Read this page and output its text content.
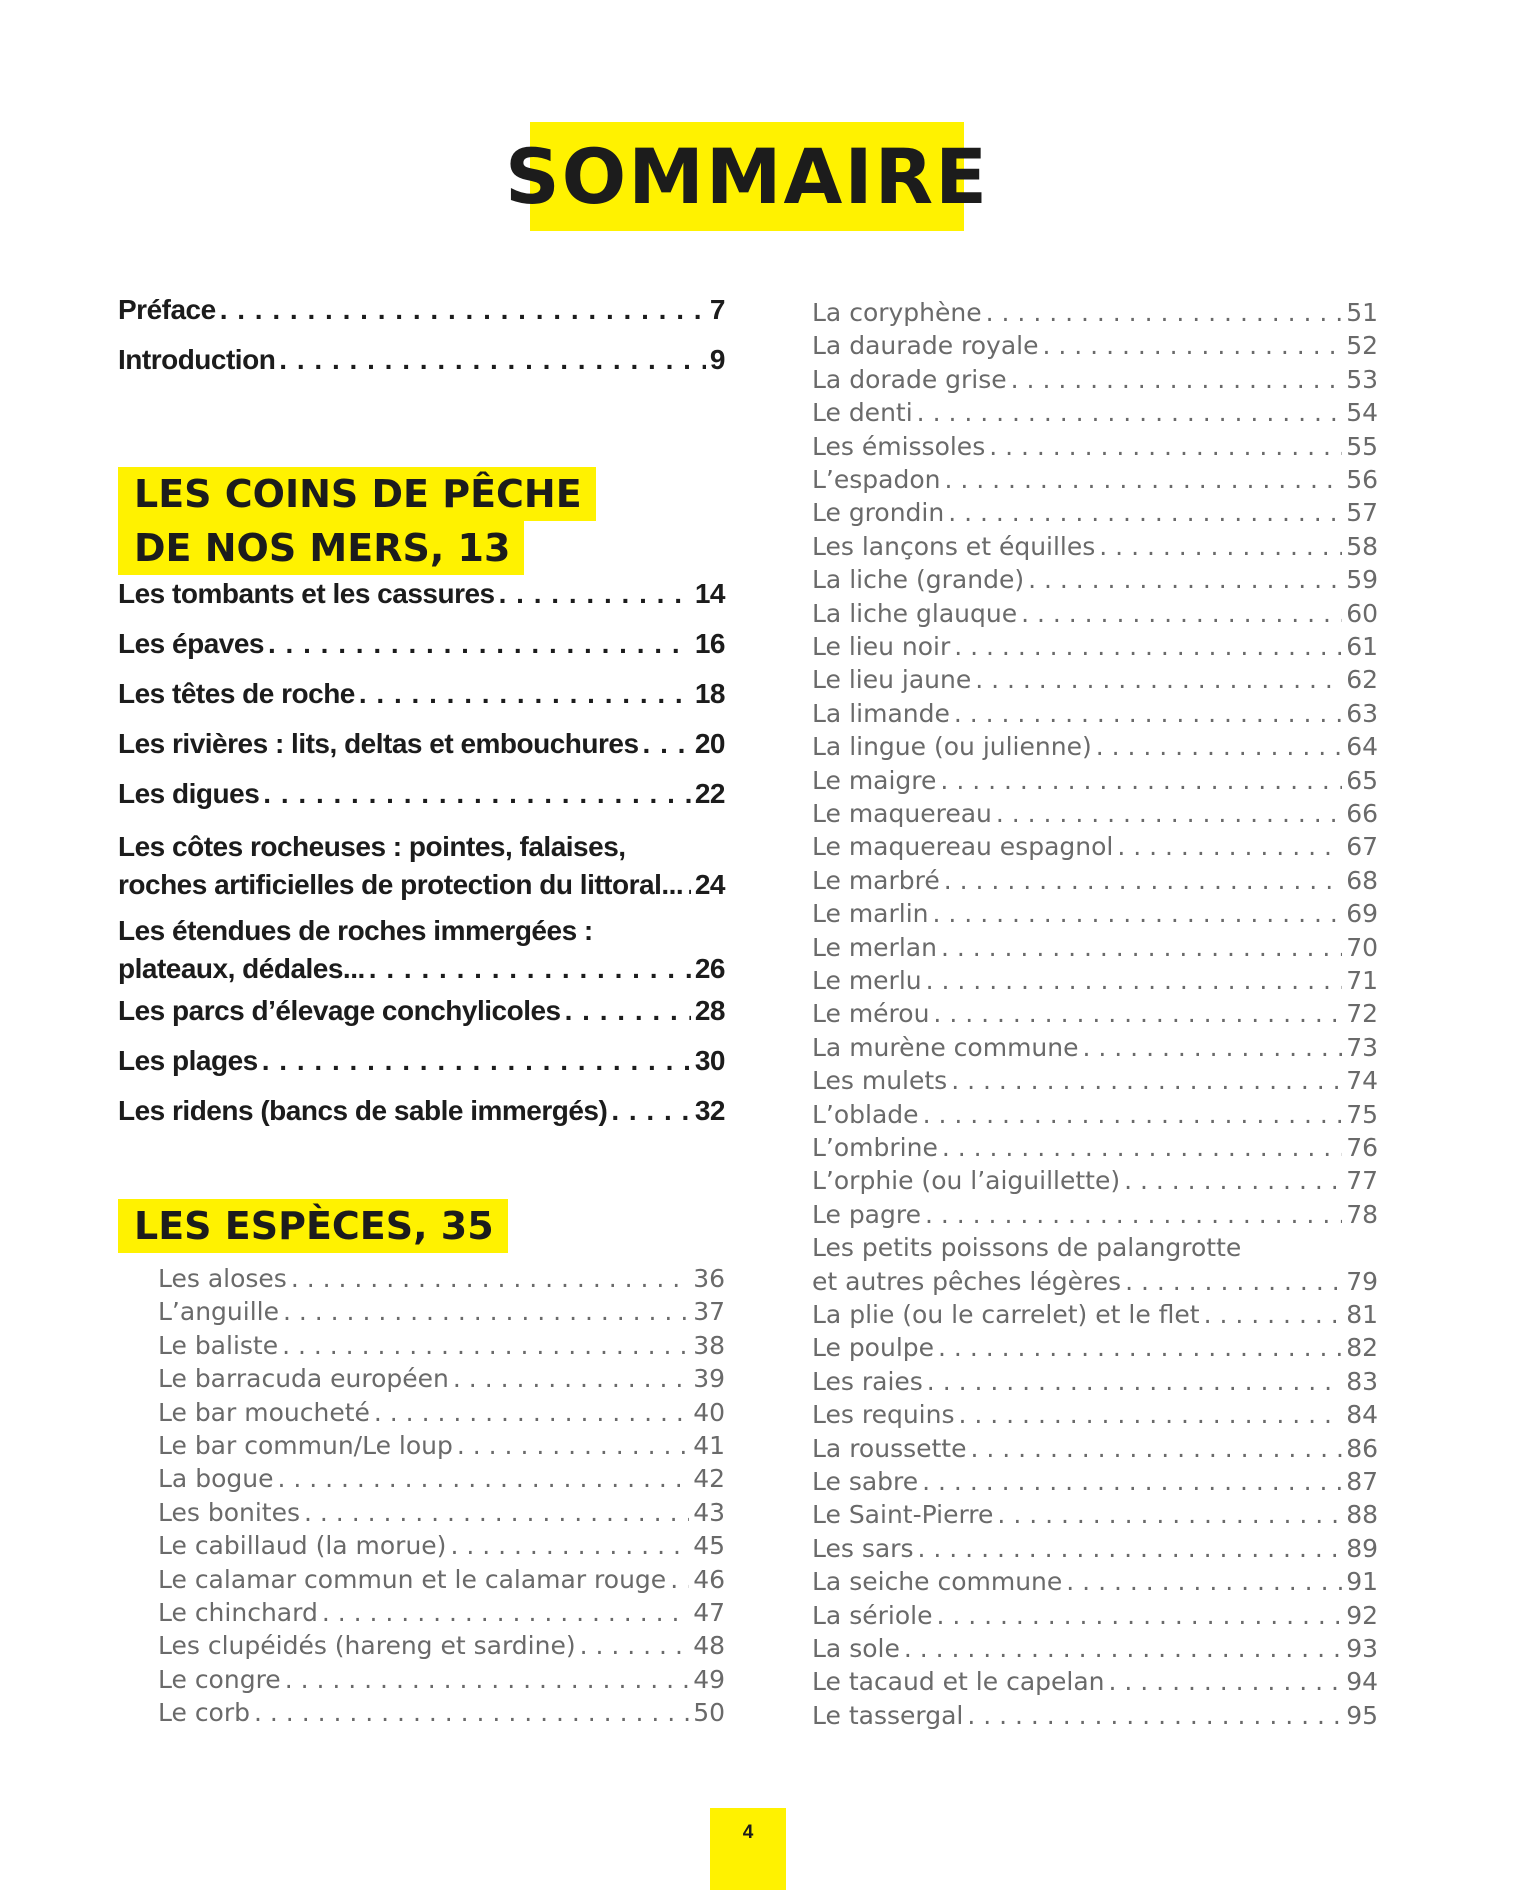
SOMMAIRE
Préface . . .	7
Introduction . . .	9
LES COINS DE PÊCHE
DE NOS MERS, 13
Les tombants et les cassures . . .	14
Les épaves . . .	16
Les têtes de roche . . .	18
Les rivières : lits, deltas et embouchures . . . 20
Les digues . . .	22
Les côtes rocheuses : pointes, falaises,
roches artificielles de protection du littoral... . . . 24
Les étendues de roches immergées :
plateaux, dédales... . . .	26
Les parcs d’élevage conchylicoles . . .	28
Les plages . . .	30
Les ridens (bancs de sable immergés) . . .	32
LES ESPÈCES, 35
Les aloses . . .	36
L’anguille . . .	37
Le baliste . . .	38
Le barracuda européen . . .	39
Le bar moucheté . . .	40
Le bar commun/Le loup . . .	41
La bogue . . .	42
Les bonites . . .	43
Le cabillaud (la morue) . . .	45
Le calamar commun et le calamar rouge . . . 46
Le chinchard . . .	47
Les clupéidés (hareng et sardine) . . .	48
Le congre . . .	49
Le corb . . .	50
La coryphène . . .	51
La daurade royale . . .	52
La dorade grise . . .	53
Le denti . . .	54
Les émissoles . . .	55
L’espadon . . .	56
Le grondin . . .	57
Les lançons et équilles . . .	58
La liche (grande) . . .	59
La liche glauque . . .	60
Le lieu noir . . .	61
Le lieu jaune . . .	62
La limande . . .	63
La lingue (ou julienne) . . .	64
Le maigre . . .	65
Le maquereau . . .	66
Le maquereau espagnol . . .	67
Le marbré . . .	68
Le marlin . . .	69
Le merlan . . .	70
Le merlu . . .	71
Le mérou . . .	72
La murène commune . . .	73
Les mulets . . .	74
L’oblade . . .	75
L’ombrine . . .	76
L’orphie (ou l’aiguillette) . . .	77
Le pagre . . .	78
Les petits poissons de palangrotte
et autres pêches légères . . .	79
La plie (ou le carrelet) et le flet . . .	81
Le poulpe . . .	82
Les raies . . .	83
Les requins . . .	84
La roussette . . .	86
Le sabre . . .	87
Le Saint-Pierre . . .	88
Les sars . . .	89
La seiche commune . . .	91
La sériole . . .	92
La sole . . .	93
Le tacaud et le capelan . . .	94
Le tassergal . . .	95
4
